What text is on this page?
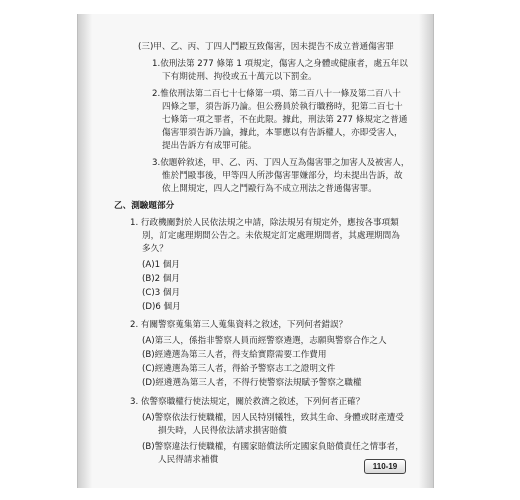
(三)甲、乙、丙、丁四人鬥毆互致傷害，因未提告不成立普通傷害罪
1.依刑法第 277 條第 1 項規定，傷害人之身體或健康者，處五年以
下有期徒刑、拘役或五十萬元以下罰金。
2.惟依刑法第二百七十七條第一項、第二百八十一條及第二百八十
四條之罪，須告訴乃論。但公務員於執行職務時，犯第二百七十
七條第一項之罪者，不在此限。據此，刑法第 277 條規定之普通
傷害罪須告訴乃論，據此，本罪應以有告訴權人，亦即受害人，
提出告訴方有成罪可能。
3.依題幹敘述，甲、乙、丙、丁四人互為傷害罪之加害人及被害人，
惟於鬥毆事後，甲等四人所涉傷害罪嫌部分，均未提出告訴，故
依上開規定，四人之鬥毆行為不成立刑法之普通傷害罪。
乙、測驗題部分
1. 行政機關對於人民依法規之申請，除法規另有規定外，應按各事項類
別，訂定處理期間公告之。未依規定訂定處理期間者，其處理期間為
多久？
(A)1 個月
(B)2 個月
(C)3 個月
(D)6 個月
2. 有關警察蒐集第三人蒐集資料之敘述，下列何者錯誤？
(A)第三人，係指非警察人員而經警察遴選，志願與警察合作之人
(B)經遴選為第三人者，得支給實際需要工作費用
(C)經遴選為第三人者，得給予警察志工之證明文件
(D)經遴選為第三人者，不得行使警察法規賦予警察之職權
3. 依警察職權行使法規定，關於救濟之敘述，下列何者正確？
(A)警察依法行使職權，因人民特別犧牲，致其生命、身體或財產遭受
損失時，人民得依法請求損害賠償
(B)警察違法行使職權，有國家賠償法所定國家負賠償責任之情事者，
人民得請求補償
110-19
